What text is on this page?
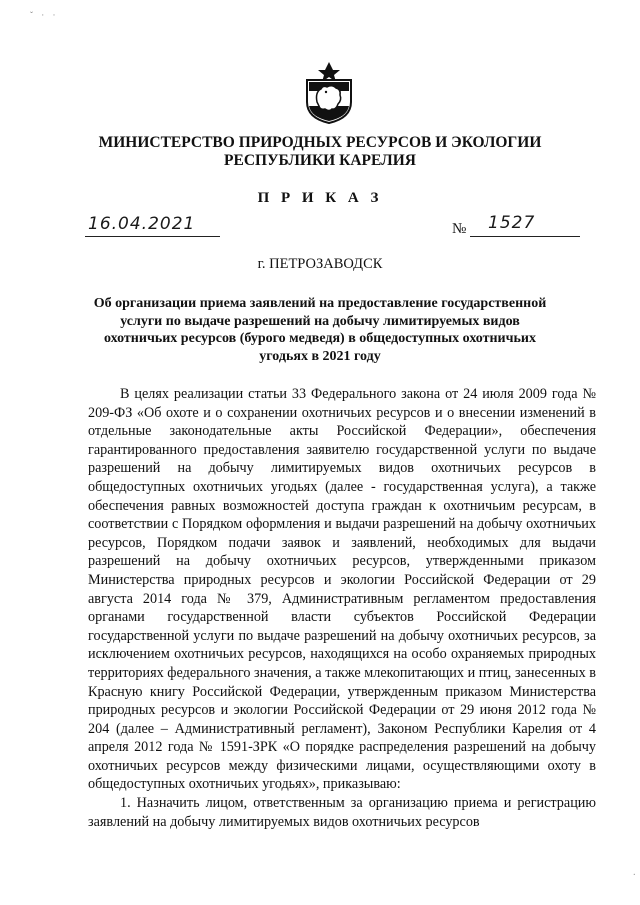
ˇ · ·
МИНИСТЕРСТВО ПРИРОДНЫХ РЕСУРСОВ И ЭКОЛОГИИ
РЕСПУБЛИКИ КАРЕЛИЯ
П Р И К А З
16.04.2021	№ 1527
г. ПЕТРОЗАВОДСК
Об организации приема заявлений на предоставление государственной услуги по выдаче разрешений на добычу лимитируемых видов охотничьих ресурсов (бурого медведя) в общедоступных охотничьих угодьях в 2021 году

В целях реализации статьи 33 Федерального закона от 24 июля 2009 года № 209-ФЗ «Об охоте и о сохранении охотничьих ресурсов и о внесении изменений в отдельные законодательные акты Российской Федерации», обеспечения гарантированного предоставления заявителю государственной услуги по выдаче разрешений на добычу лимитируемых видов охотничьих ресурсов в общедоступных охотничьих угодьях (далее - государственная услуга), а также обеспечения равных возможностей доступа граждан к охотничьим ресурсам, в соответствии с Порядком оформления и выдачи разрешений на добычу охотничьих ресурсов, Порядком подачи заявок и заявлений, необходимых для выдачи разрешений на добычу охотничьих ресурсов, утвержденными приказом Министерства природных ресурсов и экологии Российской Федерации от 29 августа 2014 года № 379, Административным регламентом предоставления органами государственной власти субъектов Российской Федерации государственной услуги по выдаче разрешений на добычу охотничьих ресурсов, за исключением охотничьих ресурсов, находящихся на особо охраняемых природных территориях федерального значения, а также млекопитающих и птиц, занесенных в Красную книгу Российской Федерации, утвержденным приказом Министерства природных ресурсов и экологии Российской Федерации от 29 июня 2012 года № 204 (далее – Административный регламент), Законом Республики Карелия от 4 апреля 2012 года № 1591-ЗРК «О порядке распределения разрешений на добычу охотничьих ресурсов между физическими лицами, осуществляющими охоту в общедоступных охотничьих угодьях», приказываю:

1. Назначить лицом, ответственным за организацию приема и регистрацию заявлений на добычу лимитируемых видов охотничьих ресурсов

·
